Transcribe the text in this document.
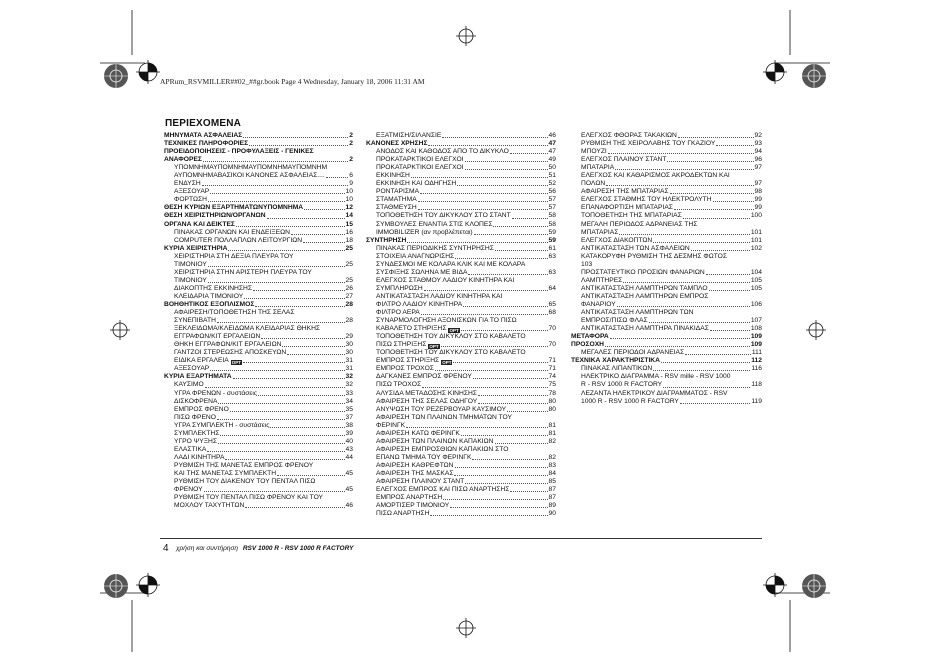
APRum_RSVMILLER##02_##gr.book Page 4 Wednesday, January 18, 2006 11:31 AM
ΠΕΡΙΕΧΟΜΕΝΑ
ΜΗΝΥΜΑΤΑ ΑΣΦΑΛΕΙΑΣ	2
ΤΕΧΝΙΚΕΣ ΠΛΗΡΟΦΟΡΙΕΣ	2
ΠΡΟΕΙΔΟΠΟΙΗΣΕΙΣ - ΠΡΟΦΥΛΑΞΕΙΣ - ΓΕΝΙΚΕΣ
ΑΝΑΦΟΡΕΣ	2
ΥΠΟΜΝΗΜΑΥΠΟΜΝΗΜΑΥΠΟΜΝΗΜΑΥΠΟΜΝΗΜ
ΑΥΠΟΜΝΗΜΑΒΑΣΙΚΟΙ ΚΑΝΟΝΕΣ ΑΣΦΑΛΕΙΑΣ....	6
ΕΝΔΥΣΗ	9
ΑΞΕΣΟΥΑΡ	10
ΦΟΡΤΩΣΗ	10
ΘΕΣΗ ΚΥΡΙΩΝ ΕΞΑΡΤΗΜΑΤΩΝΥΠΟΜΝΗΜΑ	12
ΘΕΣΗ ΧΕΙΡΙΣΤΗΡΙΩΝ/ΟΡΓΑΝΩΝ	14
ΟΡΓΑΝΑ ΚΑΙ ΔΕΙΚΤΕΣ	15
ΠΙΝΑΚΑΣ ΟΡΓΑΝΩΝ ΚΑΙ ΕΝΔΕΙΞΕΩΝ	16
COMPUTER ΠΟΛΛΑΠΛΩΝ ΛΕΙΤΟΥΡΓΙΩΝ	18
ΚΥΡΙΑ ΧΕΙΡΙΣΤΗΡΙΑ	25
ΧΕΙΡΙΣΤΗΡΙΑ ΣΤΗ ΔΕΞΙΑ ΠΛΕΥΡΑ ΤΟΥ
ΤΙΜΟΝΙΟΥ	25
ΧΕΙΡΙΣΤΗΡΙΑ ΣΤΗΝ ΑΡΙΣΤΕΡΗ ΠΛΕΥΡΑ ΤΟΥ
ΤΙΜΟΝΙΟΥ	25
ΔΙΑΚΟΠΤΗΣ ΕΚΚΙΝΗΣΗΣ	26
ΚΛΕΙΔΑΡΙΑ ΤΙΜΟΝΙΟΥ	27
ΒΟΗΘΗΤΙΚΟΣ ΕΞΟΠΛΙΣΜΟΣ	28
ΑΦΑΙΡΕΣΗ/ΤΟΠΟΘΕΤΗΣΗ ΤΗΣ ΣΕΛΑΣ
ΣΥΝΕΠΙΒΑΤΗ	28
ΞΕΚΛΕΙΔΩΜΑ/ΚΛΕΙΔΩΜΑ ΚΛΕΙΔΑΡΙΑΣ ΘΗΚΗΣ
ΕΓΓΡΑΦΩΝ/ΚΙΤ ΕΡΓΑΛΕΙΩΝ	29
ΘΗΚΗ ΕΓΓΡΑΦΩΝ/ΚΙΤ ΕΡΓΑΛΕΙΩΝ	30
ΓΑΝΤΖΟΙ ΣΤΕΡΕΩΣΗΣ ΑΠΟΣΚΕΥΩΝ	30
ΕΙΔΙΚΑ ΕΡΓΑΛΕΙΑ OPT	31
ΑΞΕΣΟΥΑΡ	31
ΚΥΡΙΑ ΕΞΑΡΤΗΜΑΤΑ	32
ΚΑΥΣΙΜΟ	32
ΥΓΡΑ ΦΡΕΝΩΝ - συστάσεις	33
ΔΙΣΚΟΦΡΕΝΑ	34
ΕΜΠΡΟΣ ΦΡΕΝΟ	35
ΠΙΣΩ ΦΡΕΝΟ	37
ΥΓΡΑ ΣΥΜΠΛΕΚΤΗ - συστάσεις	38
ΣΥΜΠΛΕΚΤΗΣ	39
ΥΓΡΟ ΨΥΞΗΣ	40
ΕΛΑΣΤΙΚΑ	43
ΛΑΔΙ ΚΙΝΗΤΗΡΑ	44
ΡΥΘΜΙΣΗ ΤΗΣ ΜΑΝΕΤΑΣ ΕΜΠΡΟΣ ΦΡΕΝΟΥ
ΚΑΙ ΤΗΣ ΜΑΝΕΤΑΣ ΣΥΜΠΛΕΚΤΗ	45
ΡΥΘΜΙΣΗ ΤΟΥ ΔΙΑΚΕΝΟΥ ΤΟΥ ΠΕΝΤΑΛ ΠΙΣΩ
ΦΡΕΝΟΥ	45
ΡΥΘΜΙΣΗ ΤΟΥ ΠΕΝΤΑΛ ΠΙΣΩ ΦΡΕΝΟΥ ΚΑΙ ΤΟΥ
ΜΟΧΛΟΥ ΤΑΧΥΤΗΤΩΝ	46
ΕΞΑΤΜΙΣΗ/ΣΙΛΑΝΣΙΕ	46
ΚΑΝΟΝΕΣ ΧΡΗΣΗΣ	47
ΑΝΟΔΟΣ ΚΑΙ ΚΑΘΟΔΟΣ ΑΠΟ ΤΟ ΔΙΚΥΚΛΟ	47
ΠΡΟΚΑΤΑΡΚΤΙΚΟΙ ΕΛΕΓΧΟΙ	49
ΠΡΟΚΑΤΑΡΚΤΙΚΟΙ ΕΛΕΓΧΟΙ	50
ΕΚΚΙΝΗΣΗ	51
ΕΚΚΙΝΗΣΗ ΚΑΙ ΟΔΗΓΗΣΗ	52
ΡΟΝΤΑΡΙΣΜΑ	56
ΣΤΑΜΑΤΗΜΑ	57
ΣΤΑΘΜΕΥΣΗ	57
ΤΟΠΟΘΕΤΗΣΗ ΤΟΥ ΔΙΚΥΚΛΟΥ ΣΤΟ ΣΤΑΝΤ	58
ΣΥΜΒΟΥΛΕΣ ΕΝΑΝΤΙΑ ΣΤΙΣ ΚΛΟΠΕΣ	58
IMMOBILIZER (αν προβλέπεται)	59
ΣΥΝΤΗΡΗΣΗ	59
ΠΙΝΑΚΑΣ ΠΕΡΙΟΔΙΚΗΣ ΣΥΝΤΗΡΗΣΗΣ	61
ΣΤΟΙΧΕΙΑ ΑΝΑΓΝΩΡΙΣΗΣ	63
ΣΥΝΔΕΣΜΟΙ ΜΕ ΚΟΛΑΡΑ ΚΛΙΚ ΚΑΙ ΜΕ ΚΟΛΑΡΑ
ΣΥΣΦΙΞΗΣ ΣΩΛΗΝΑ ΜΕ ΒΙΔΑ	63
ΕΛΕΓΧΟΣ ΣΤΑΘΜΟΥ ΛΑΔΙΟΥ ΚΙΝΗΤΗΡΑ ΚΑΙ
ΣΥΜΠΛΗΡΩΣΗ	64
ΑΝΤΙΚΑΤΑΣΤΑΣΗ ΛΑΔΙΟΥ ΚΙΝΗΤΗΡΑ ΚΑΙ
ΦΙΛΤΡΟ ΛΑΔΙΟΥ ΚΙΝΗΤΗΡΑ	65
ΦΙΛΤΡΟ ΑΕΡΑ	68
ΣΥΝΑΡΜΟΛΟΓΗΣΗ ΑΞΟΝΙΣΚΩΝ ΓΙΑ ΤΟ ΠΙΣΩ
ΚΑΒΑΛΕΤΟ ΣΤΗΡΙΞΗΣ OPT	70
ΤΟΠΟΘΕΤΗΣΗ ΤΟΥ ΔΙΚΥΚΛΟΥ ΣΤΟ ΚΑΒΑΛΕΤΟ
ΠΙΣΩ ΣΤΗΡΙΞΗΣ OPT	70
ΤΟΠΟΘΕΤΗΣΗ ΤΟΥ ΔΙΚΥΚΛΟΥ ΣΤΟ ΚΑΒΑΛΕΤΟ
ΕΜΠΡΟΣ ΣΤΗΡΙΞΗΣ OPT	71
ΕΜΠΡΟΣ ΤΡΟΧΟΣ	71
ΔΑΓΚΑΝΕΣ ΕΜΠΡΟΣ ΦΡΕΝΟΥ	74
ΠΙΣΩ ΤΡΟΧΟΣ	75
ΑΛΥΣΙΔΑ ΜΕΤΑΔΟΣΗΣ ΚΙΝΗΣΗΣ	78
ΑΦΑΙΡΕΣΗ ΤΗΣ ΣΕΛΑΣ ΟΔΗΓΟΥ	80
ΑΝΥΨΩΣΗ ΤΟΥ ΡΕΖΕΡΒΟΥΑΡ ΚΑΥΣΙΜΟΥ	80
ΑΦΑΙΡΕΣΗ ΤΩΝ ΠΛΑΪΝΩΝ ΤΜΗΜΑΤΩΝ ΤΟΥ
ΦΕΡΙΝΓΚ	81
ΑΦΑΙΡΕΣΗ ΚΑΤΩ ΦΕΡΙΝΓΚ	81
ΑΦΑΙΡΕΣΗ ΤΩΝ ΠΛΑΪΝΩΝ ΚΑΠΑΚΙΩΝ	82
ΑΦΑΙΡΕΣΗ ΕΜΠΡΟΣΘΙΩΝ ΚΑΠΑΚΙΩΝ ΣΤΟ
ΕΠΑΝΩ ΤΜΗΜΑ ΤΟΥ ΦΕΡΙΝΓΚ	82
ΑΦΑΙΡΕΣΗ ΚΑΘΡΕΦΤΩΝ	83
ΑΦΑΙΡΕΣΗ ΤΗΣ ΜΑΣΚΑΣ	84
ΑΦΑΙΡΕΣΗ ΠΛΑΪΝΟΥ ΣΤΑΝΤ	85
ΕΛΕΓΧΟΣ ΕΜΠΡΟΣ ΚΑΙ ΠΙΣΩ ΑΝΑΡΤΗΣΗΣ	87
ΕΜΠΡΟΣ ΑΝΑΡΤΗΣΗ	87
ΑΜΟΡΤΙΣΕΡ ΤΙΜΟΝΙΟΥ	89
ΠΙΣΩ ΑΝΑΡΤΗΣΗ	90
ΕΛΕΓΧΟΣ ΦΘΟΡΑΣ ΤΑΚΑΚΙΩΝ	92
ΡΥΘΜΙΣΗ ΤΗΣ ΧΕΙΡΟΛΑΒΗΣ ΤΟΥ ΓΚΑΖΙΟΥ	93
ΜΠΟΥΖΙ	94
ΕΛΕΓΧΟΣ ΠΛΑΪΝΟΥ ΣΤΑΝΤ	96
ΜΠΑΤΑΡΙΑ	97
ΕΛΕΓΧΟΣ ΚΑΙ ΚΑΘΑΡΙΣΜΟΣ ΑΚΡΟΔΕΚΤΩΝ ΚΑΙ
ΠΟΛΩΝ	97
ΑΦΑΙΡΕΣΗ ΤΗΣ ΜΠΑΤΑΡΙΑΣ	98
ΕΛΕΓΧΟΣ ΣΤΑΘΜΗΣ ΤΟΥ ΗΛΕΚΤΡΟΛΥΤΗ	99
ΕΠΑΝΑΦΟΡΤΙΣΗ ΜΠΑΤΑΡΙΑΣ	99
ΤΟΠΟΘΕΤΗΣΗ ΤΗΣ ΜΠΑΤΑΡΙΑΣ	100
ΜΕΓΑΛΗ ΠΕΡΙΟΔΟΣ ΑΔΡΑΝΕΙΑΣ ΤΗΣ
ΜΠΑΤΑΡΙΑΣ	101
ΕΛΕΓΧΟΣ ΔΙΑΚΟΠΤΩΝ	101
ΑΝΤΙΚΑΤΑΣΤΑΣΗ ΤΩΝ ΑΣΦΑΛΕΙΩΝ	102
ΚΑΤΑΚΟΡΥΦΗ ΡΥΘΜΙΣΗ ΤΗΣ ΔΕΣΜΗΣ ΦΩΤΟΣ
103
ΠΡΟΣΤΑΤΕΥΤΙΚΟ ΠΡΟΣΙΩΝ ΦΑΝΑΡΙΩΝ	104
ΛΑΜΠΤΗΡΕΣ	105
ΑΝΤΙΚΑΤΑΣΤΑΣΗ ΛΑΜΠΤΗΡΩΝ ΤΑΜΠΛΟ	105
ΑΝΤΙΚΑΤΑΣΤΑΣΗ ΛΑΜΠΤΗΡΩΝ ΕΜΠΡΟΣ
ΦΑΝΑΡΙΟΥ	106
ΑΝΤΙΚΑΤΑΣΤΑΣΗ ΛΑΜΠΤΗΡΩΝ ΤΩΝ
ΕΜΠΡΟΣ/ΠΙΣΩ ΦΛΑΣ	107
ΑΝΤΙΚΑΤΑΣΤΑΣΗ ΛΑΜΠΤΗΡΑ ΠΙΝΑΚΙΔΑΣ	108
ΜΕΤΑΦΟΡΑ	109
ΠΡΟΣΟΧΗ	109
ΜΕΓΑΛΕΣ ΠΕΡΙΟΔΟΙ ΑΔΡΑΝΕΙΑΣ	111
ΤΕΧΝΙΚΑ ΧΑΡΑΚΤΗΡΙΣΤΙΚΑ	112
ΠΙΝΑΚΑΣ ΛΙΠΑΝΤΙΚΩΝ	116
ΗΛΕΚΤΡΙΚΟ ΔΙΑΓΡΑΜΜΑ - RSV mille - RSV 1000
R - RSV 1000 R FACTORY	118
ΛΕΖΑΝΤΑ ΗΛΕΚΤΡΙΚΟΥ ΔΙΑΓΡΑΜΜΑΤΟΣ - RSV
1000 R - RSV 1000 R FACTORY	119
4 χρήση και συντήρηση RSV 1000 R - RSV 1000 R FACTORY
